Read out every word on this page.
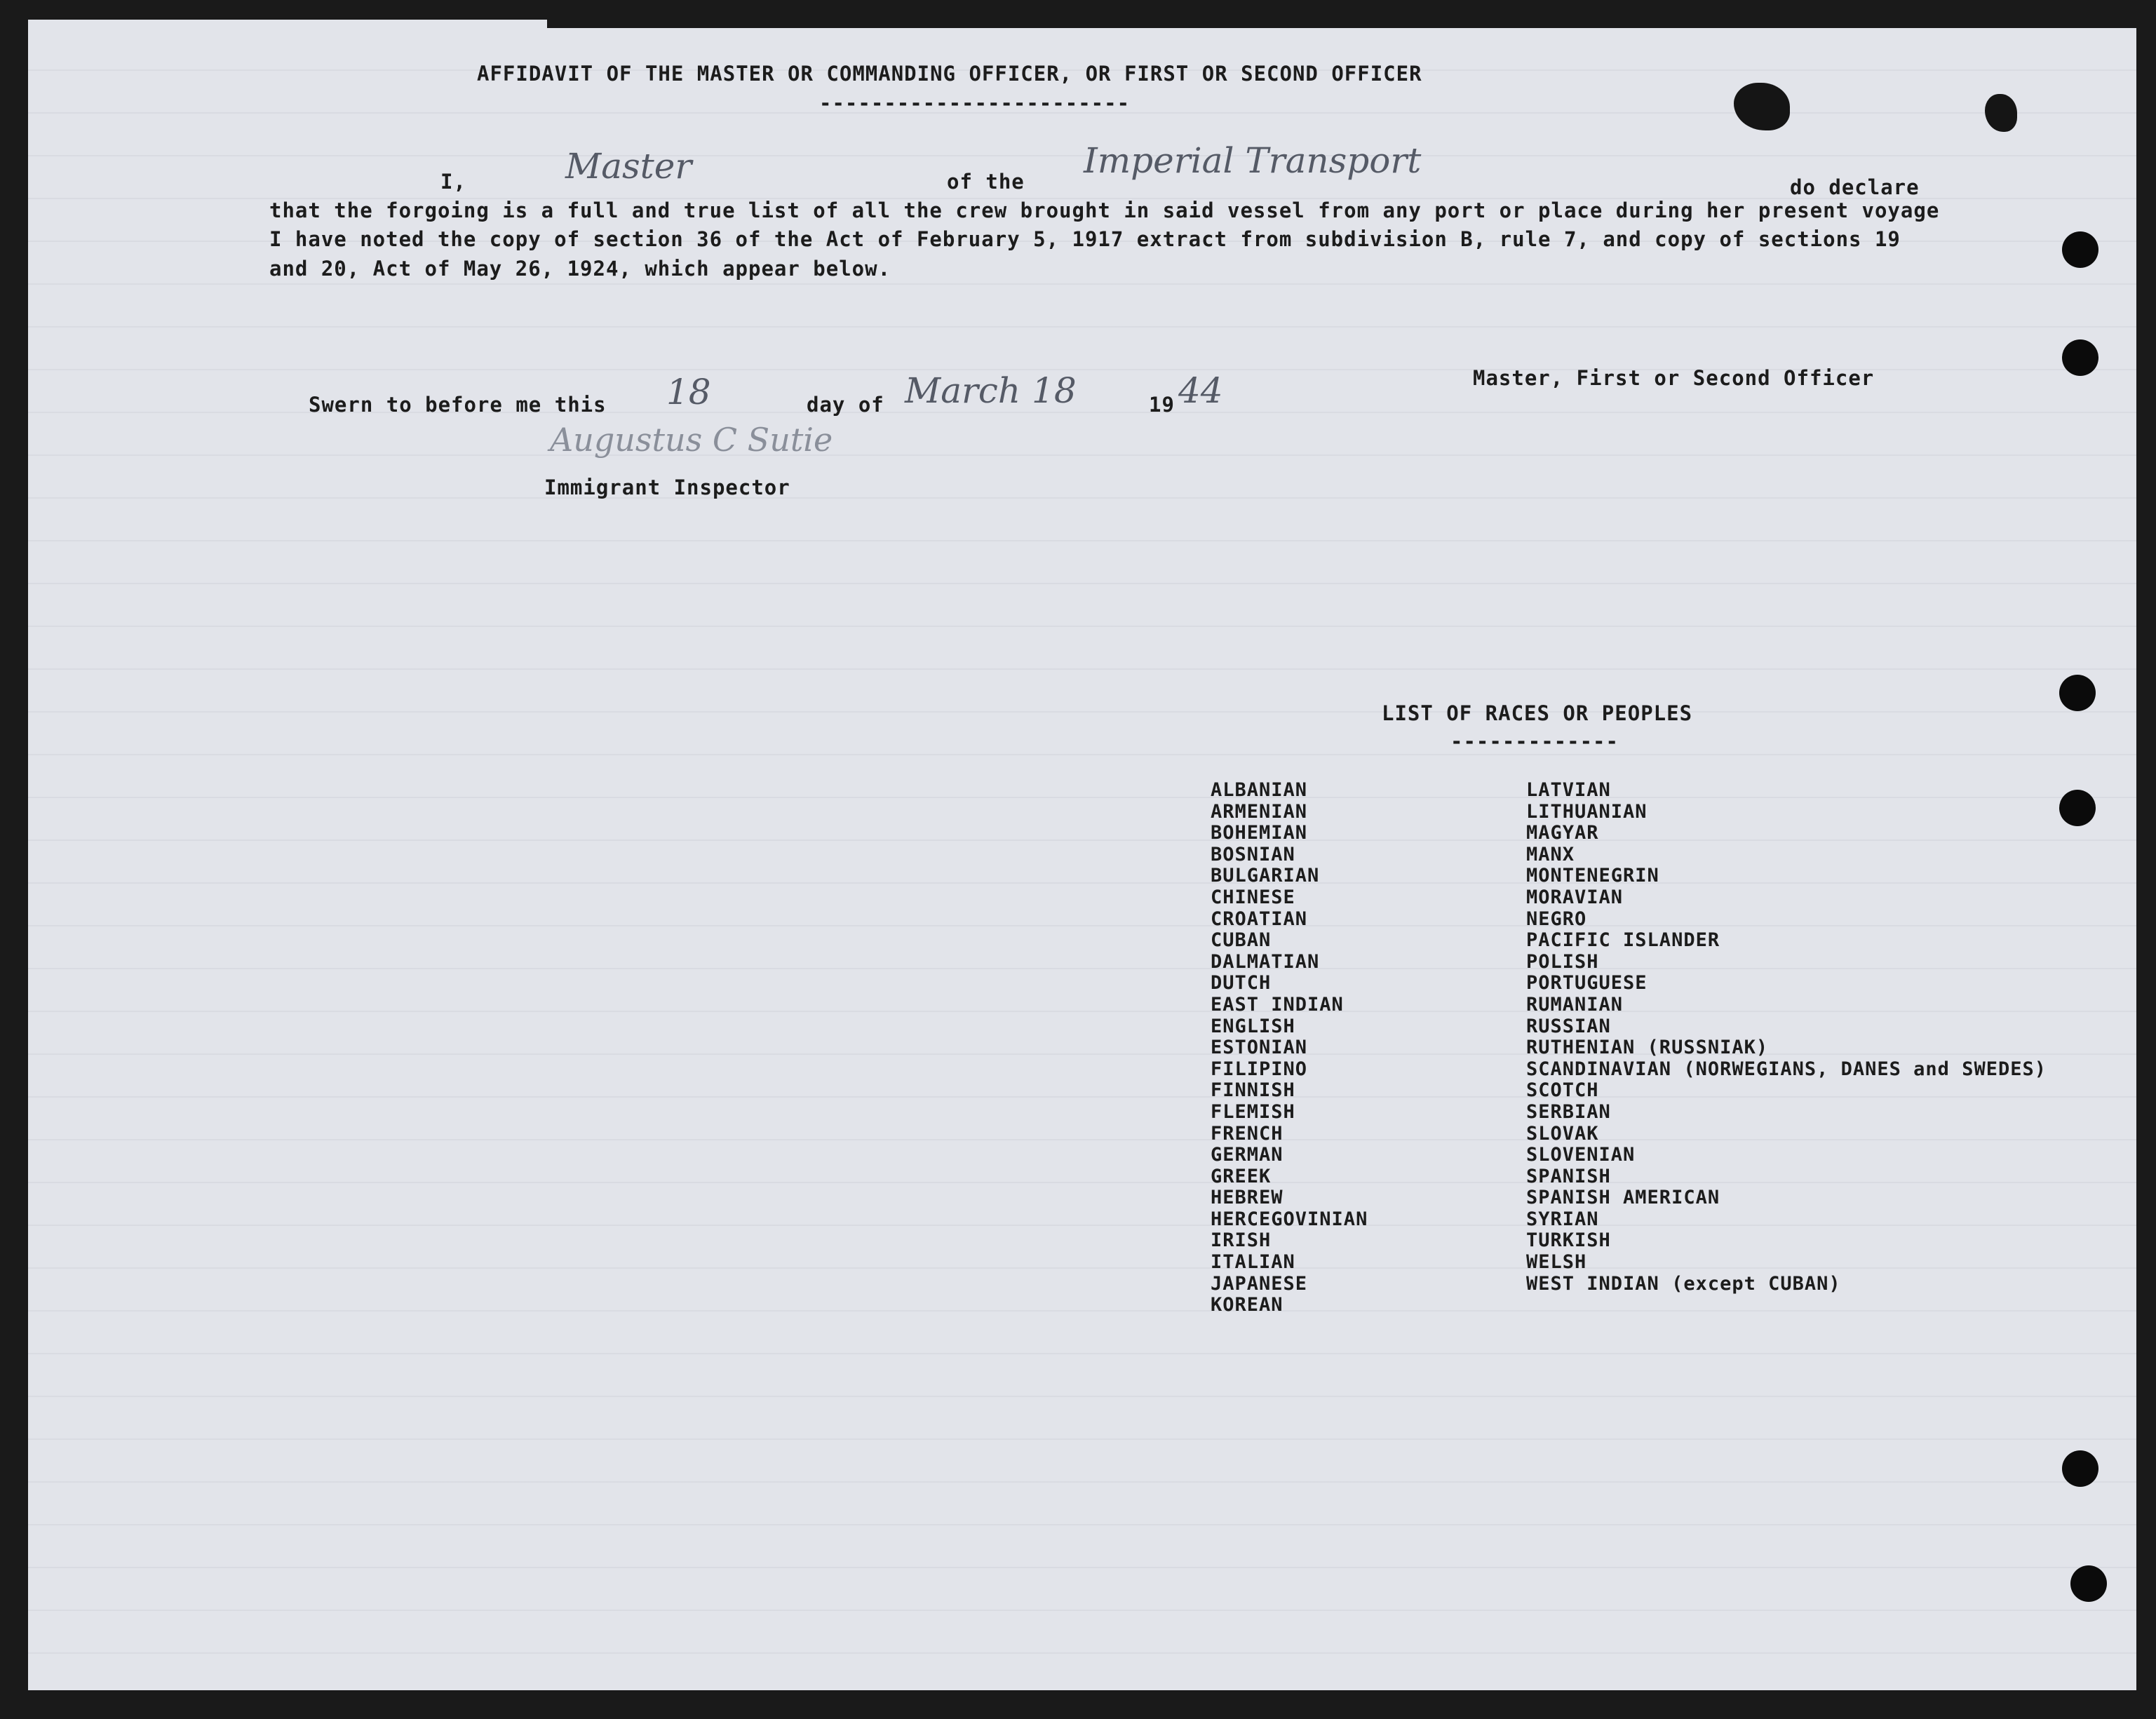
AFFIDAVIT OF THE MASTER OR COMMANDING OFFICER, OR FIRST OR SECOND OFFICER
------------------------
I,	Master	of the
Imperial Transport
do declare
that the forgoing is a full and true list of all the crew brought in said vessel from any port or place during her present voyage
I have noted the copy of section 36 of the Act of February 5, 1917 extract from subdivision B, rule 7, and copy of sections 19
and 20, Act of May 26, 1924, which appear below.
Master, First or Second Officer
Swern to before me this 18	day of March 18	19 44
Augustus C Sutie
Immigrant Inspector
LIST OF RACES OR PEOPLES
-------------
ALBANIAN
ARMENIAN
BOHEMIAN
BOSNIAN
BULGARIAN
CHINESE
CROATIAN
CUBAN
DALMATIAN
DUTCH
EAST INDIAN
ENGLISH
ESTONIAN
FILIPINO
FINNISH
FLEMISH
FRENCH
GERMAN
GREEK
HEBREW
HERCEGOVINIAN
IRISH
ITALIAN
JAPANESE
KOREAN
LATVIAN
LITHUANIAN
MAGYAR
MANX
MONTENEGRIN
MORAVIAN
NEGRO
PACIFIC ISLANDER
POLISH
PORTUGUESE
RUMANIAN
RUSSIAN
RUTHENIAN (RUSSNIAK)
SCANDINAVIAN (NORWEGIANS, DANES and SWEDES)
SCOTCH
SERBIAN
SLOVAK
SLOVENIAN
SPANISH
SPANISH AMERICAN
SYRIAN
TURKISH
WELSH
WEST INDIAN (except CUBAN)
